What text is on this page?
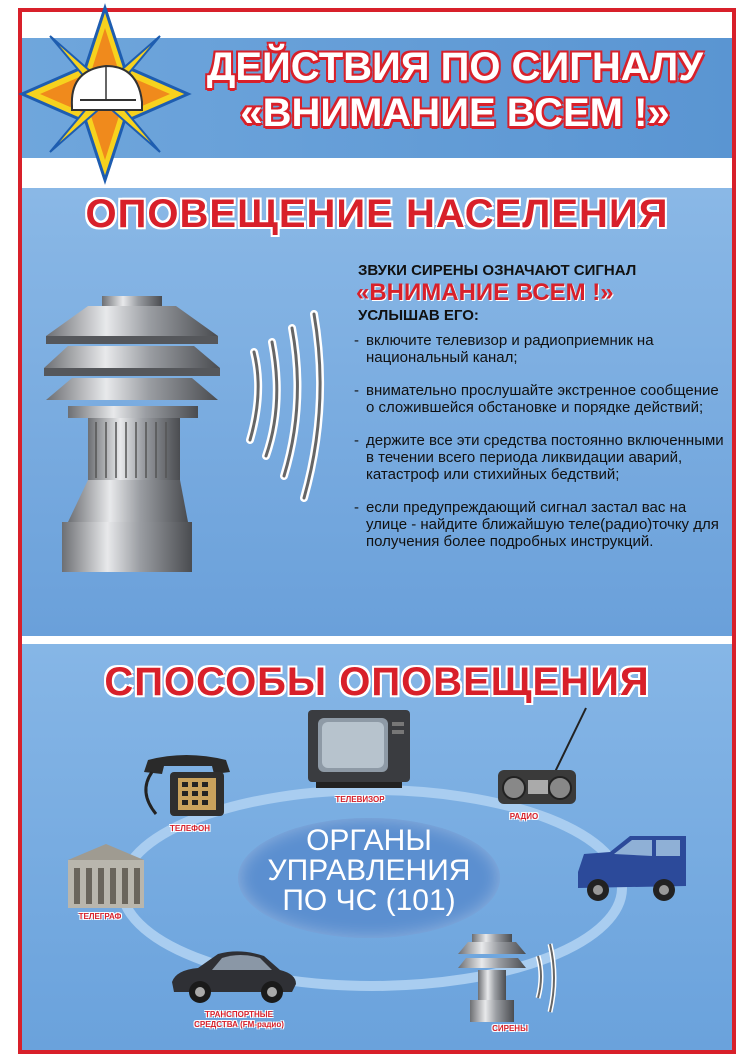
ДЕЙСТВИЯ ПО СИГНАЛУ
«ВНИМАНИЕ ВСЕМ !»
ОПОВЕЩЕНИЕ НАСЕЛЕНИЯ
ЗВУКИ СИРЕНЫ ОЗНАЧАЮТ СИГНАЛ
«ВНИМАНИЕ ВСЕМ !»
УСЛЫШАВ ЕГО:
- включите телевизор и радиоприемник на национальный канал;
- внимательно прослушайте экстренное сообщение о сложившейся обстановке и порядке действий;
- держите все эти средства постоянно включенными в течении всего периода ликвидации аварий, катастроф или стихийных бедствий;
- если предупреждающий сигнал застал вас на улице - найдите ближайшую теле(радио)точку для получения более подробных инструкций.
СПОСОБЫ ОПОВЕЩЕНИЯ
ОРГАНЫ
УПРАВЛЕНИЯ
ПО ЧС (101)
ТЕЛЕВИЗОР
ТЕЛЕФОН
РАДИО
ТЕЛЕГРАФ
ТРАНСПОРТНЫЕ
СРЕДСТВА (FM-радио)	СИРЕНЫ
